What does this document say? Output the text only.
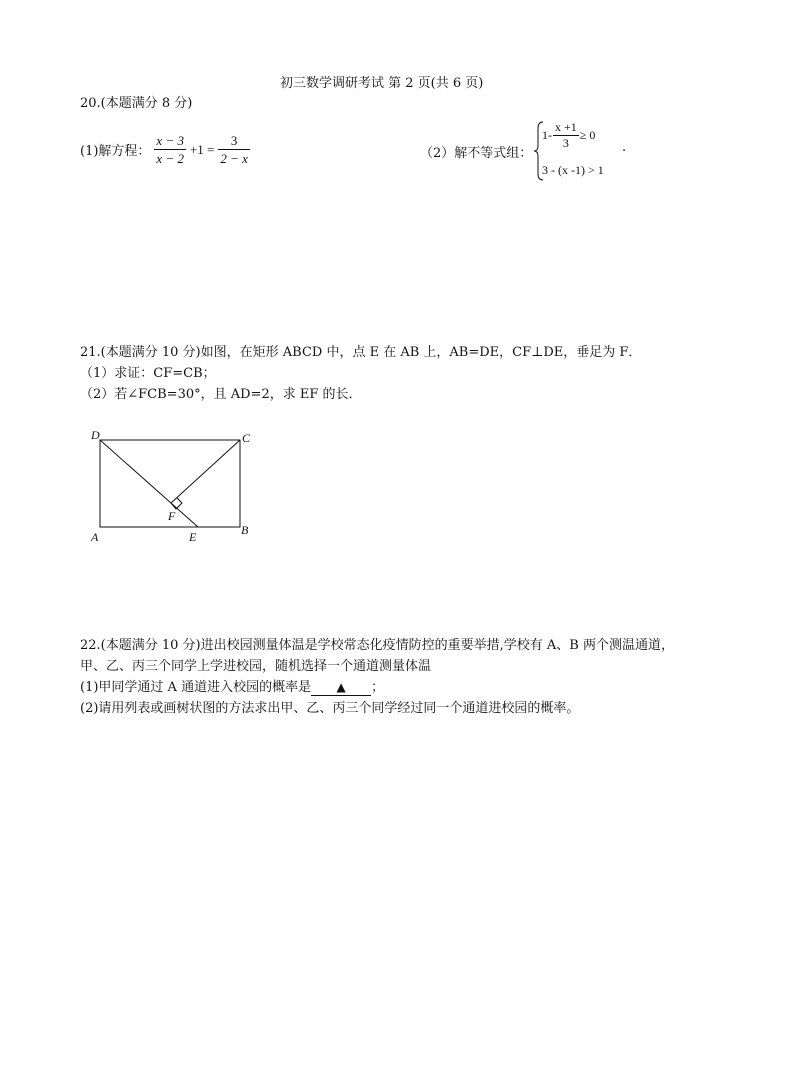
初三数学调研考试 第 2 页(共 6 页)
20.(本题满分 8 分)
(1)解方程： $\frac{x - 3}{x - 2} +1 = \frac{3}{2 - x}$	（2）解不等式组：
$1- \frac{x +1}{3} \ge 0$
3 - (x -1) > 1
.
21.(本题满分 10 分)如图，在矩形 ABCD 中，点 E 在 AB 上，AB=DE，CF⊥DE，垂足为 F．
（1）求证：CF=CB；
（2）若∠FCB=30°，且 AD=2，求 EF 的长．
D	C
A	B
E
F
22.(本题满分 10 分)进出校园测量体温是学校常态化疫情防控的重要举措,学校有 A、B 两个测温通道，
甲、乙、丙三个同学上学进校园，随机选择一个通道测量体温
(1)甲同学通过 A 通道进入校园的概率是 ▲ ；
(2)请用列表或画树状图的方法求出甲、乙、丙三个同学经过同一个通道进校园的概率。
